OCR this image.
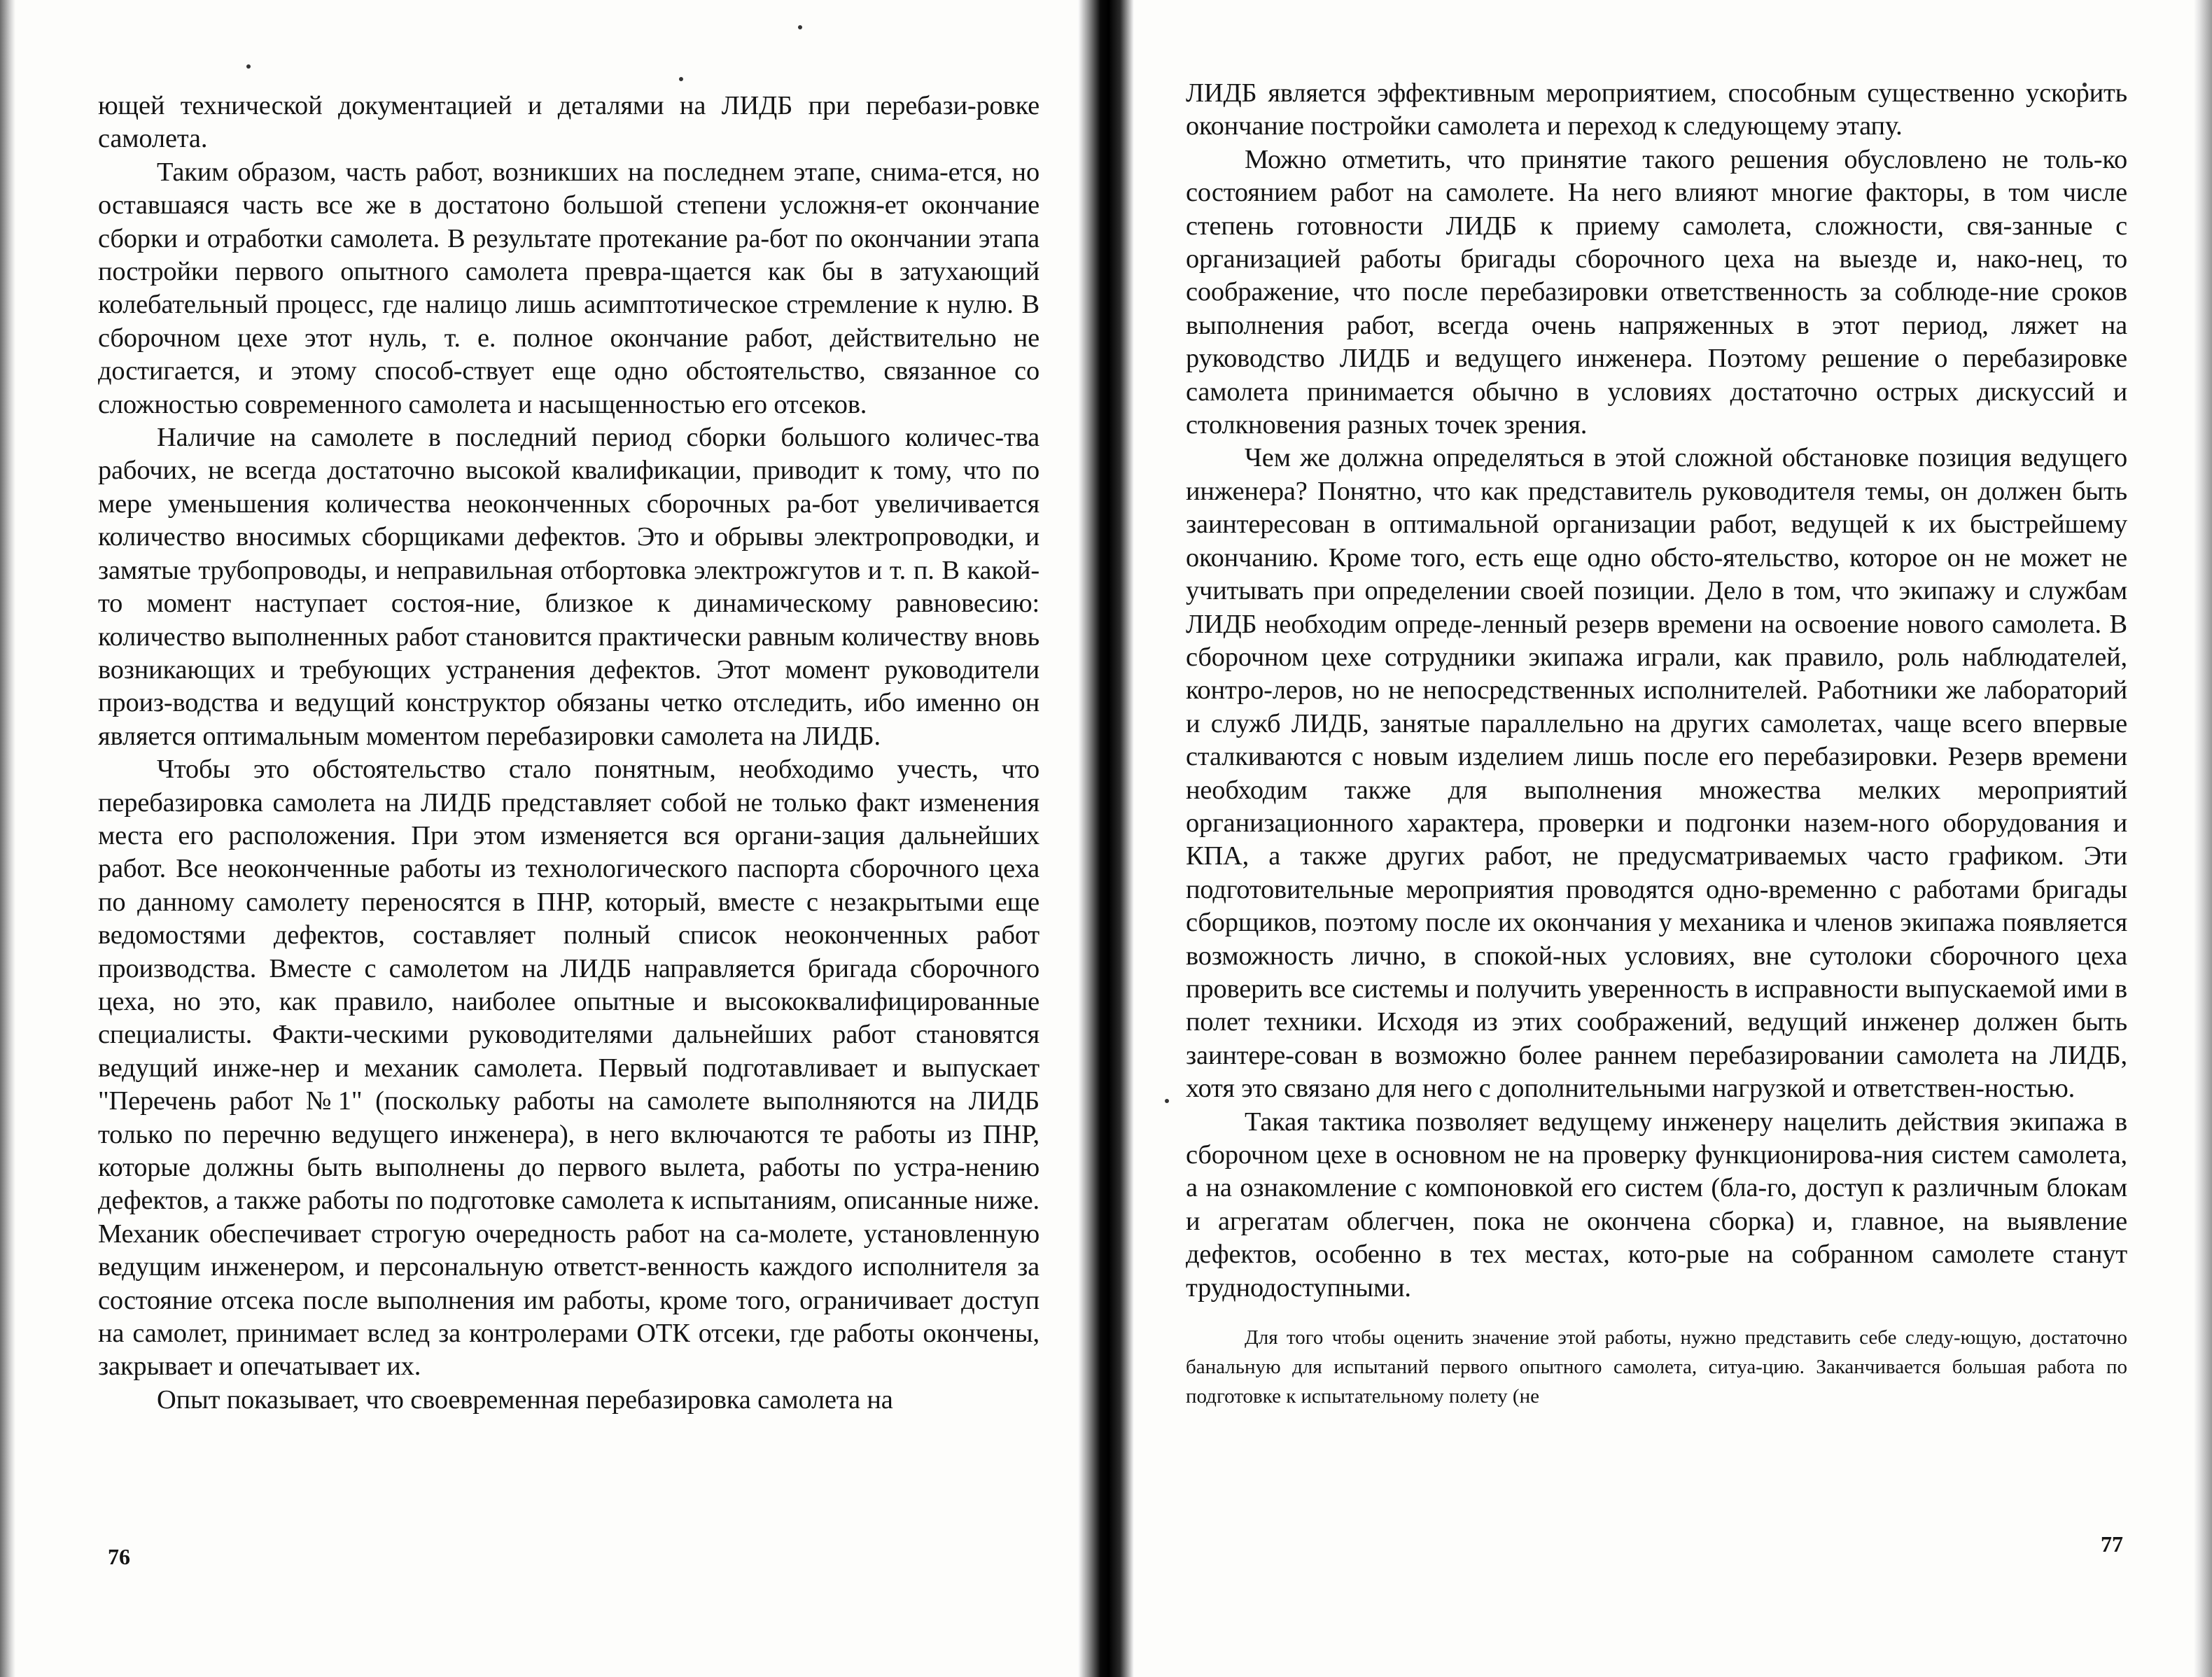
ющей технической документацией и деталями на ЛИДБ при перебази-ровке самолета.

Таким образом, часть работ, возникших на последнем этапе, снима-ется, но оставшаяся часть все же в достатоно большой степени усложня-ет окончание сборки и отработки самолета. В результате протекание ра-бот по окончании этапа постройки первого опытного самолета превра-щается как бы в затухающий колебательный процесс, где налицо лишь асимптотическое стремление к нулю. В сборочном цехе этот нуль, т. е. полное окончание работ, действительно не достигается, и этому способ-ствует еще одно обстоятельство, связанное со сложностью современного самолета и насыщенностью его отсеков.

Наличие на самолете в последний период сборки большого количес-тва рабочих, не всегда достаточно высокой квалификации, приводит к тому, что по мере уменьшения количества неоконченных сборочных ра-бот увеличивается количество вносимых сборщиками дефектов. Это и обрывы электропроводки, и замятые трубопроводы, и неправильная отбортовка электрожгутов и т. п. В какой-то момент наступает состоя-ние, близкое к динамическому равновесию: количество выполненных работ становится практически равным количеству вновь возникающих и требующих устранения дефектов. Этот момент руководители произ-водства и ведущий конструктор обязаны четко отследить, ибо именно он является оптимальным моментом перебазировки самолета на ЛИДБ.

Чтобы это обстоятельство стало понятным, необходимо учесть, что перебазировка самолета на ЛИДБ представляет собой не только факт изменения места его расположения. При этом изменяется вся органи-зация дальнейших работ. Все неоконченные работы из технологического паспорта сборочного цеха по данному самолету переносятся в ПНР, который, вместе с незакрытыми еще ведомостями дефектов, составляет полный список неоконченных работ производства. Вместе с самолетом на ЛИДБ направляется бригада сборочного цеха, но это, как правило, наиболее опытные и высококвалифицированные специалисты. Факти-ческими руководителями дальнейших работ становятся ведущий инже-нер и механик самолета. Первый подготавливает и выпускает "Перечень работ №1" (поскольку работы на самолете выполняются на ЛИДБ только по перечню ведущего инженера), в него включаются те работы из ПНР, которые должны быть выполнены до первого вылета, работы по устра-нению дефектов, а также работы по подготовке самолета к испытаниям, описанные ниже. Механик обеспечивает строгую очередность работ на са-молете, установленную ведущим инженером, и персональную ответст-венность каждого исполнителя за состояние отсека после выполнения им работы, кроме того, ограничивает доступ на самолет, принимает вслед за контролерами ОТК отсеки, где работы окончены, закрывает и опечатывает их.

Опыт показывает, что своевременная перебазировка самолета на

76

ЛИДБ является эффективным мероприятием, способным существенно ускорить окончание постройки самолета и переход к следующему этапу.

Можно отметить, что принятие такого решения обусловлено не толь-ко состоянием работ на самолете. На него влияют многие факторы, в том числе степень готовности ЛИДБ к приему самолета, сложности, свя-занные с организацией работы бригады сборочного цеха на выезде и, нако-нец, то соображение, что после перебазировки ответственность за соблюде-ние сроков выполнения работ, всегда очень напряженных в этот период, ляжет на руководство ЛИДБ и ведущего инженера. Поэтому решение о перебазировке самолета принимается обычно в условиях достаточно острых дискуссий и столкновения разных точек зрения.

Чем же должна определяться в этой сложной обстановке позиция ведущего инженера? Понятно, что как представитель руководителя темы, он должен быть заинтересован в оптимальной организации работ, ведущей к их быстрейшему окончанию. Кроме того, есть еще одно обсто-ятельство, которое он не может не учитывать при определении своей позиции. Дело в том, что экипажу и службам ЛИДБ необходим опреде-ленный резерв времени на освоение нового самолета. В сборочном цехе сотрудники экипажа играли, как правило, роль наблюдателей, контро-леров, но не непосредственных исполнителей. Работники же лабораторий и служб ЛИДБ, занятые параллельно на других самолетах, чаще всего впервые сталкиваются с новым изделием лишь после его перебазировки. Резерв времени необходим также для выполнения множества мелких мероприятий организационного характера, проверки и подгонки назем-ного оборудования и КПА, а также других работ, не предусматриваемых часто графиком. Эти подготовительные мероприятия проводятся одно-временно с работами бригады сборщиков, поэтому после их окончания у механика и членов экипажа появляется возможность лично, в спокой-ных условиях, вне сутолоки сборочного цеха проверить все системы и получить уверенность в исправности выпускаемой ими в полет техники. Исходя из этих соображений, ведущий инженер должен быть заинтере-сован в возможно более раннем перебазировании самолета на ЛИДБ, хотя это связано для него с дополнительными нагрузкой и ответствен-ностью.

Такая тактика позволяет ведущему инженеру нацелить действия экипажа в сборочном цехе в основном не на проверку функционирова-ния систем самолета, а на ознакомление с компоновкой его систем (бла-го, доступ к различным блокам и агрегатам облегчен, пока не окончена сборка) и, главное, на выявление дефектов, особенно в тех местах, кото-рые на собранном самолете станут труднодоступными.

Для того чтобы оценить значение этой работы, нужно представить себе следу-ющую, достаточно банальную для испытаний первого опытного самолета, ситуа-цию. Заканчивается большая работа по подготовке к испытательному полету (не

77
